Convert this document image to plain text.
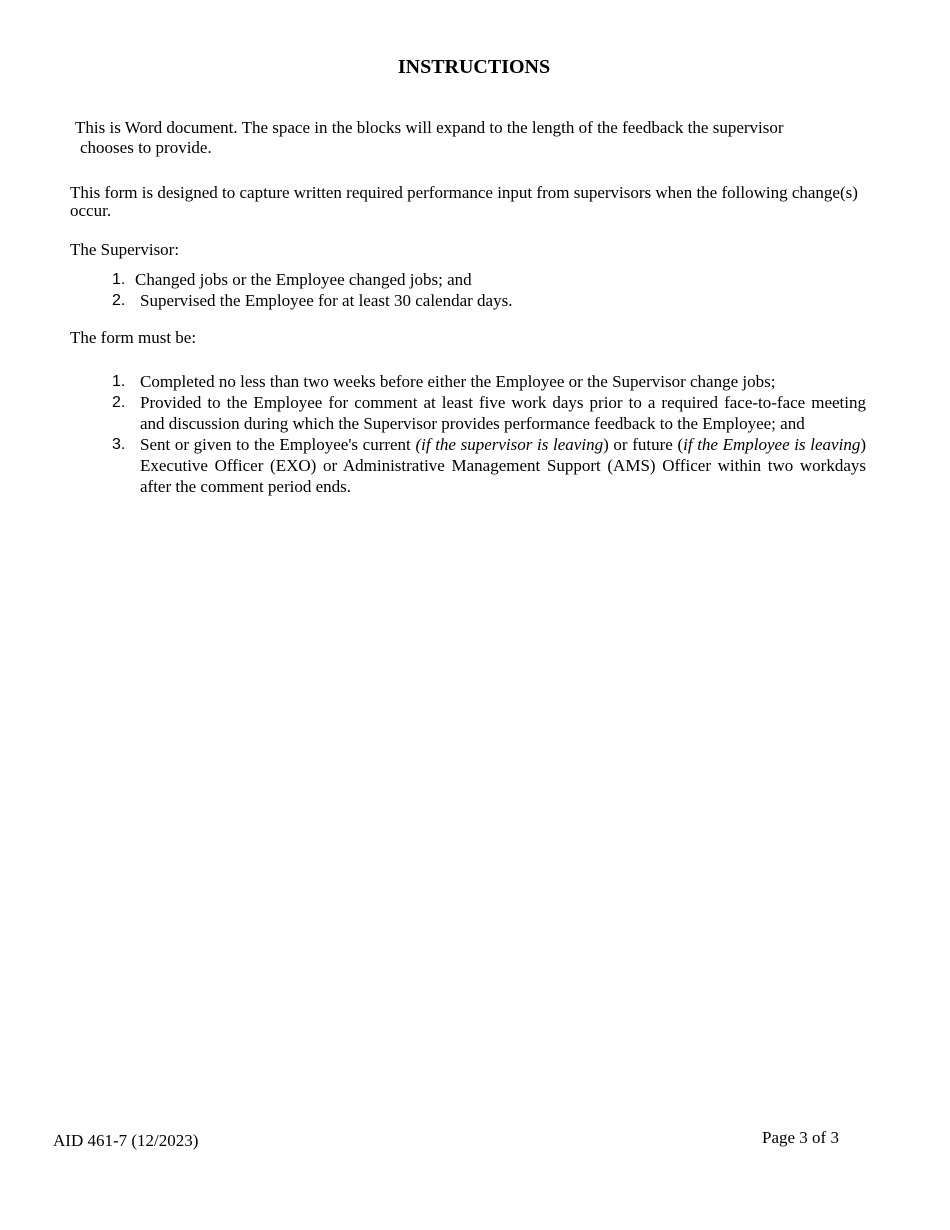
INSTRUCTIONS

This is Word document. The space in the blocks will expand to the length of the feedback the supervisor
chooses to provide.

This form is designed to capture written required performance input from supervisors when the following change(s) occur.

The Supervisor:

1. Changed jobs or the Employee changed jobs; and
2. Supervised the Employee for at least 30 calendar days.

The form must be:

1. Completed no less than two weeks before either the Employee or the Supervisor change jobs;
2. Provided to the Employee for comment at least five work days prior to a required face-to-face meeting and discussion during which the Supervisor provides performance feedback to the Employee; and
3. Sent or given to the Employee's current (if the supervisor is leaving) or future (if the Employee is leaving) Executive Officer (EXO) or Administrative Management Support (AMS) Officer within two workdays after the comment period ends.
AID 461-7 (12/2023)	Page 3 of 3
